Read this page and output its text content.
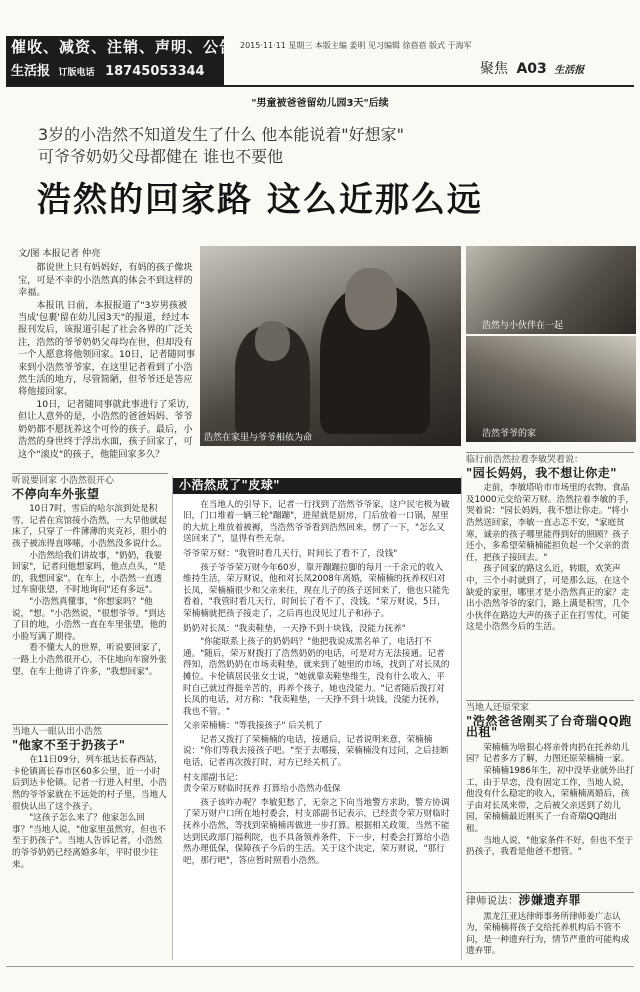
催收、减资、注销、声明、公告
生活报 订版电话 18745053344
2015·11·11 星期三 本版主编 姜明 见习编辑 徐蓓蓓 版式 于海军
聚焦 A03 生活报
"男童被爸爸留幼儿园3天"后续
3岁的小浩然不知道发生了什么 他本能说着"好想家"
可爷爷奶奶父母都健在 谁也不要他
浩然的回家路 这么近那么远
文/图 本报记者 仲亮

都说世上只有妈妈好，有妈的孩子像块宝，可是不幸的小浩然真的体会不到这样的幸福。

本报讯 日前，本报报道了"3岁男孩被当成'包裹'留在幼儿园3天"的报道，经过本报刊发后，该报道引起了社会各界的广泛关注，浩然的爷爷奶奶父母均在世，但却没有一个人愿意将他领回家。10日，记者随同事来到小浩然爷爷家，在这里记者看到了小浩然生活的地方，尽管简陋，但爷爷还是答应将他接回家。

10日，记者随同事就此事进行了采访，但让人意外的是，小浩然的爸爸妈妈、爷爷奶奶都不愿抚养这个可怜的孩子。最后，小浩然的身世终于浮出水面，孩子回家了，可这个"滚皮"的孩子，他能回家多久？

浩然在家里与爷爷相依为命
浩然与小伙伴在一起
浩然爷爷的家
听说要回家 小浩然很开心
不停向车外张望

10日7时，雪后的哈尔滨到处是积雪，记者在宾馆接小浩然，一大早他就起床了，只穿了一件薄薄的夹克衫，胆小的孩子被冻得直哆嗦，小浩然没多说什么。

小浩然给我们讲故事，"奶奶，我要回家"，记者问他想家吗，他点点头，"是的，我想回家"。在车上，小浩然一直透过车窗张望，不时地询问"还有多远"。

"小浩然真懂事，"你想家吗？"他说，"想。"小浩然说，"很想爷爷。"到达了目的地，小浩然一直在车里张望，他的小脸写满了期待。

看不懂大人的世界，听说要回家了，一路上小浩然很开心，不住地向车窗外张望，在车上他讲了许多，"我想回家"。

当地人一眼认出小浩然
"他家不至于扔孩子"

在11日09分，列车抵达长春西站，卡伦镇离长春市区60多公里，近一小时后到达卡伦镇。记者一行进入村里，小浩然的爷爷家就在不远处的村子里，当地人很快认出了这个孩子。

"这孩子怎么来了？他家怎么回事？"当地人说，"他家里虽然穷，但也不至于扔孩子"。当地人告诉记者，小浩然的爷爷奶奶已经离婚多年，平时很少往来。

小浩然成了"皮球"

在当地人的引导下，记者一行找到了浩然爷爷家，这户民宅极为破旧，门口堆着一辆三轮"蹦蹦"，进屋就是厨房，门后放着一口锅，屋里的大炕上堆放着被褥，当浩然爷爷看到浩然回来，愣了一下，"怎么又送回来了"，显得有些无奈。

爷爷荣万财："我管时看几天行，时间长了看不了，没钱"

孩子爷爷荣万财今年60岁，靠开蹦蹦拉脚的每月一千余元的收入维持生活，荣万财说，他和对长凤2008年离婚，荣楠楠的抚养权归对长凤，荣楠楠很少和父亲来往，现在儿子的孩子送回来了，他也只能先看着，"我管时看几天行，时间长了看不了，没钱。"荣万财说，5日，荣楠楠就把孩子接走了，之后再也没见过儿子和孙子。

奶奶对长凤："我卖鞋垫，一天挣不到十块钱，没能力抚养"

"你能联系上孩子的奶奶吗？"他把我说成黑名单了，电话打不通。"随后，荣万财拨打了浩然奶奶的电话，可是对方无法接通。记者得知，浩然奶奶在市场卖鞋垫，就来到了她里的市场，找到了对长凤的摊位。卡伦镇居民张女士说，"她就靠卖鞋垫维生，没有什么收入，平时自己就过得挺辛苦的，再养个孩子，她也没能力。"记者随后拨打对长凤的电话，对方称："我卖鞋垫，一天挣不到十块钱，没能力抚养，我也不管。"

父亲荣楠楠："等我接孩子" 后关机了

记者又拨打了荣楠楠的电话，接通后，记者说明来意，荣楠楠说："你们等我去接孩子吧。"至于去哪接，荣楠楠没有过问，之后挂断电话，记者再次拨打时，对方已经关机了。

村支部副书记：
责令荣万财临时抚养 打算给小浩然办低保

孩子该咋办呢？李敏犯愁了，无奈之下向当地警方求助，警方协调了荣万财户口所在地村委会，村支部副书记表示，已经责令荣万财临时抚养小浩然，等找到荣楠楠再做进一步打算。根据相关政策，当然不能达到民政部门福利院，也不具备领养条件，下一步，村委会打算给小浩然办理低保，保障孩子今后的生活。关于这个决定，荣万财说，"那行吧，那行吧"，答应暂时照看小浩然。

临行前浩然拉着李敏哭着说：
"园长妈妈，我不想让你走"

走前，李敏塔哈市市场里的衣物、食品及1000元交给荣万财。浩然拉着李敏的手，哭着说："园长妈妈，我不想让你走。"将小浩然送回家，李敏一直忐忑不安，"家庭贫寒，诚亲的孩子哪里能得到好的照顾？孩子还小，多希望荣楠楠能担负起一个父亲的责任，把孩子接回去。"

孩子回家的路这么近，转眼，欢笑声中，三个小时就到了，可是那么远，在这个缺爱的家里，哪里才是小浩然真正的家？走出小浩然爷爷的家门，路上满是积雪，几个小伙伴在路边大声的孩子正在打雪仗，可能这是小浩然今后的生活。

当地人还原荣家
"浩然爸爸刚买了台奇瑞QQ跑出租"

荣楠楠为啥狠心将亲骨肉扔在托养幼儿园？记者多方了解，力图还原荣楠楠一家。

荣楠楠1986年生，初中没毕业就外出打工，由于早恋，没有固定工作，当地人说，他没有什么稳定的收入，荣楠楠离婚后，孩子由对长凤来带，之后被父亲送到了幼儿园，荣楠楠最近刚买了一台奇瑞QQ跑出租。

当地人说，"他家条件不好，但也不至于扔孩子，我看是他爸不想管。"

律师说法：涉嫌遗弃罪

黑龙江亚达律师事务所律师姜广志认为，荣楠楠将孩子交给托养机构后不管不问，是一种遗弃行为，情节严重的可能构成遗弃罪。
